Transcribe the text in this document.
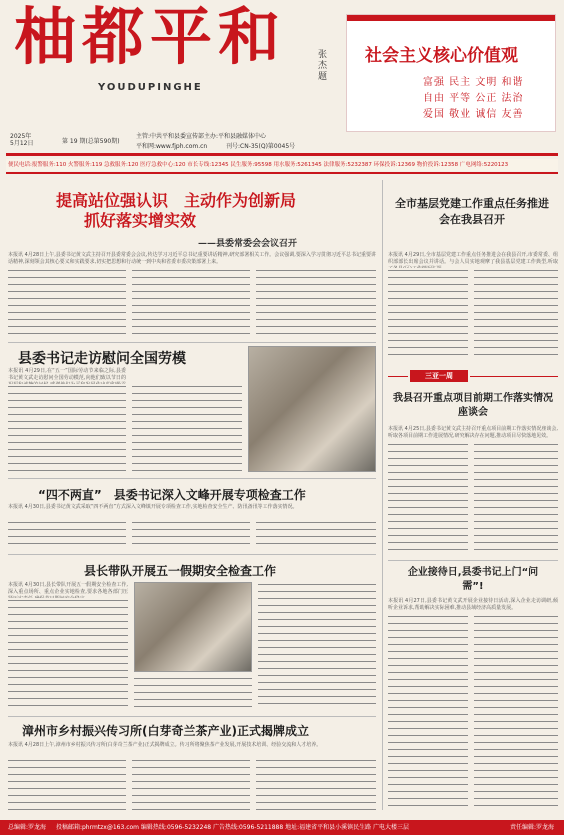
柚都平和	张杰题
YOUDUPINGHE
社会主义核心价值观
富强 民主 文明 和谐
自由 平等 公正 法治
爱国 敬业 诚信 友善
2025年
5月12日	第 19 期(总第590期)
主管:中共平和县委宣传部主办:平和县融媒体中心
平和网:www.fjph.com.cn	刊号:CN-35(Q)第0045号
便民电话:报警服务:110 火警服务:119 急救服务:120 医疗急救中心:120 市长专线:12345 民生服务:95598 用水服务:5261345 法律服务:5232387 环保投诉:12369 物价投诉:12358 广电网络:5220123
提高站位强认识　主动作为创新局
抓好落实增实效
——县委常委会会议召开
本报讯 4月28日上午,县委书记黄文武主持召开县委常委会会议,传达学习习近平总书记重要讲话精神,研究部署相关工作。会议强调,要深入学习贯彻习近平总书记重要讲话精神,深刻领会其核心要义和实践要求,切实把思想和行动统一到中央和省委市委决策部署上来。
全市基层党建工作重点任务推进会在我县召开
本报讯 4月29日,全市基层党建工作重点任务推进会在我县召开,市委常委、组织部部长出席会议并讲话。与会人员实地观摩了我县基层党建工作典型,听取
三亚一周
我县召开重点项目前期工作落实情况座谈会
本报讯 4月25日,县委书记黄文武主持召开重点项目前期工作落实情况座谈会,听取各项目前期工作进展情况,研究解决存在问题,推动项目尽快落地见效。
企业接待日,县委书记上门“问需”!
本报讯 4月27日,县委书记黄文武开展企业接待日活动,深入企业走访调研,倾听企业诉求,帮助解决实际困难,推动县域经济高质量发展。
县委书记走访慰问全国劳模
本报讯 4月29日,在“五一”国际劳动节来临之际,县委书记黄文武走访慰问全国劳动模范,向他们致以节日的
“四不两直”　县委书记深入文峰开展专项检查工作
本报讯 4月30日,县委书记黄文武采取“四不两直”方式深入文峰镇开展专项检查工作,实地检查安全生产、防汛备汛等工作落实情况。
县长带队开展五一假期安全检查工作
本报讯 4月30日,县长带队开展五一假期安全检查工作,深入重点场所、重点企业实地检查,要求各地各部门压
漳州市乡村振兴传习所(白芽奇兰茶产业)正式揭牌成立
本报讯 4月28日上午,漳州市乡村振兴传习所(白芽奇兰茶产业)正式揭牌成立。传习所将聚焦茶产业发展,开展技术培训、经验交流和人才培养。
总编辑:罗龙海 投稿邮箱:phrmtzx@163.com 编辑热线:0596-5232248 广告热线:0596-5211888 地址:福建省平和县小溪镇民生路 广电大楼三层	责任编辑:罗龙海
